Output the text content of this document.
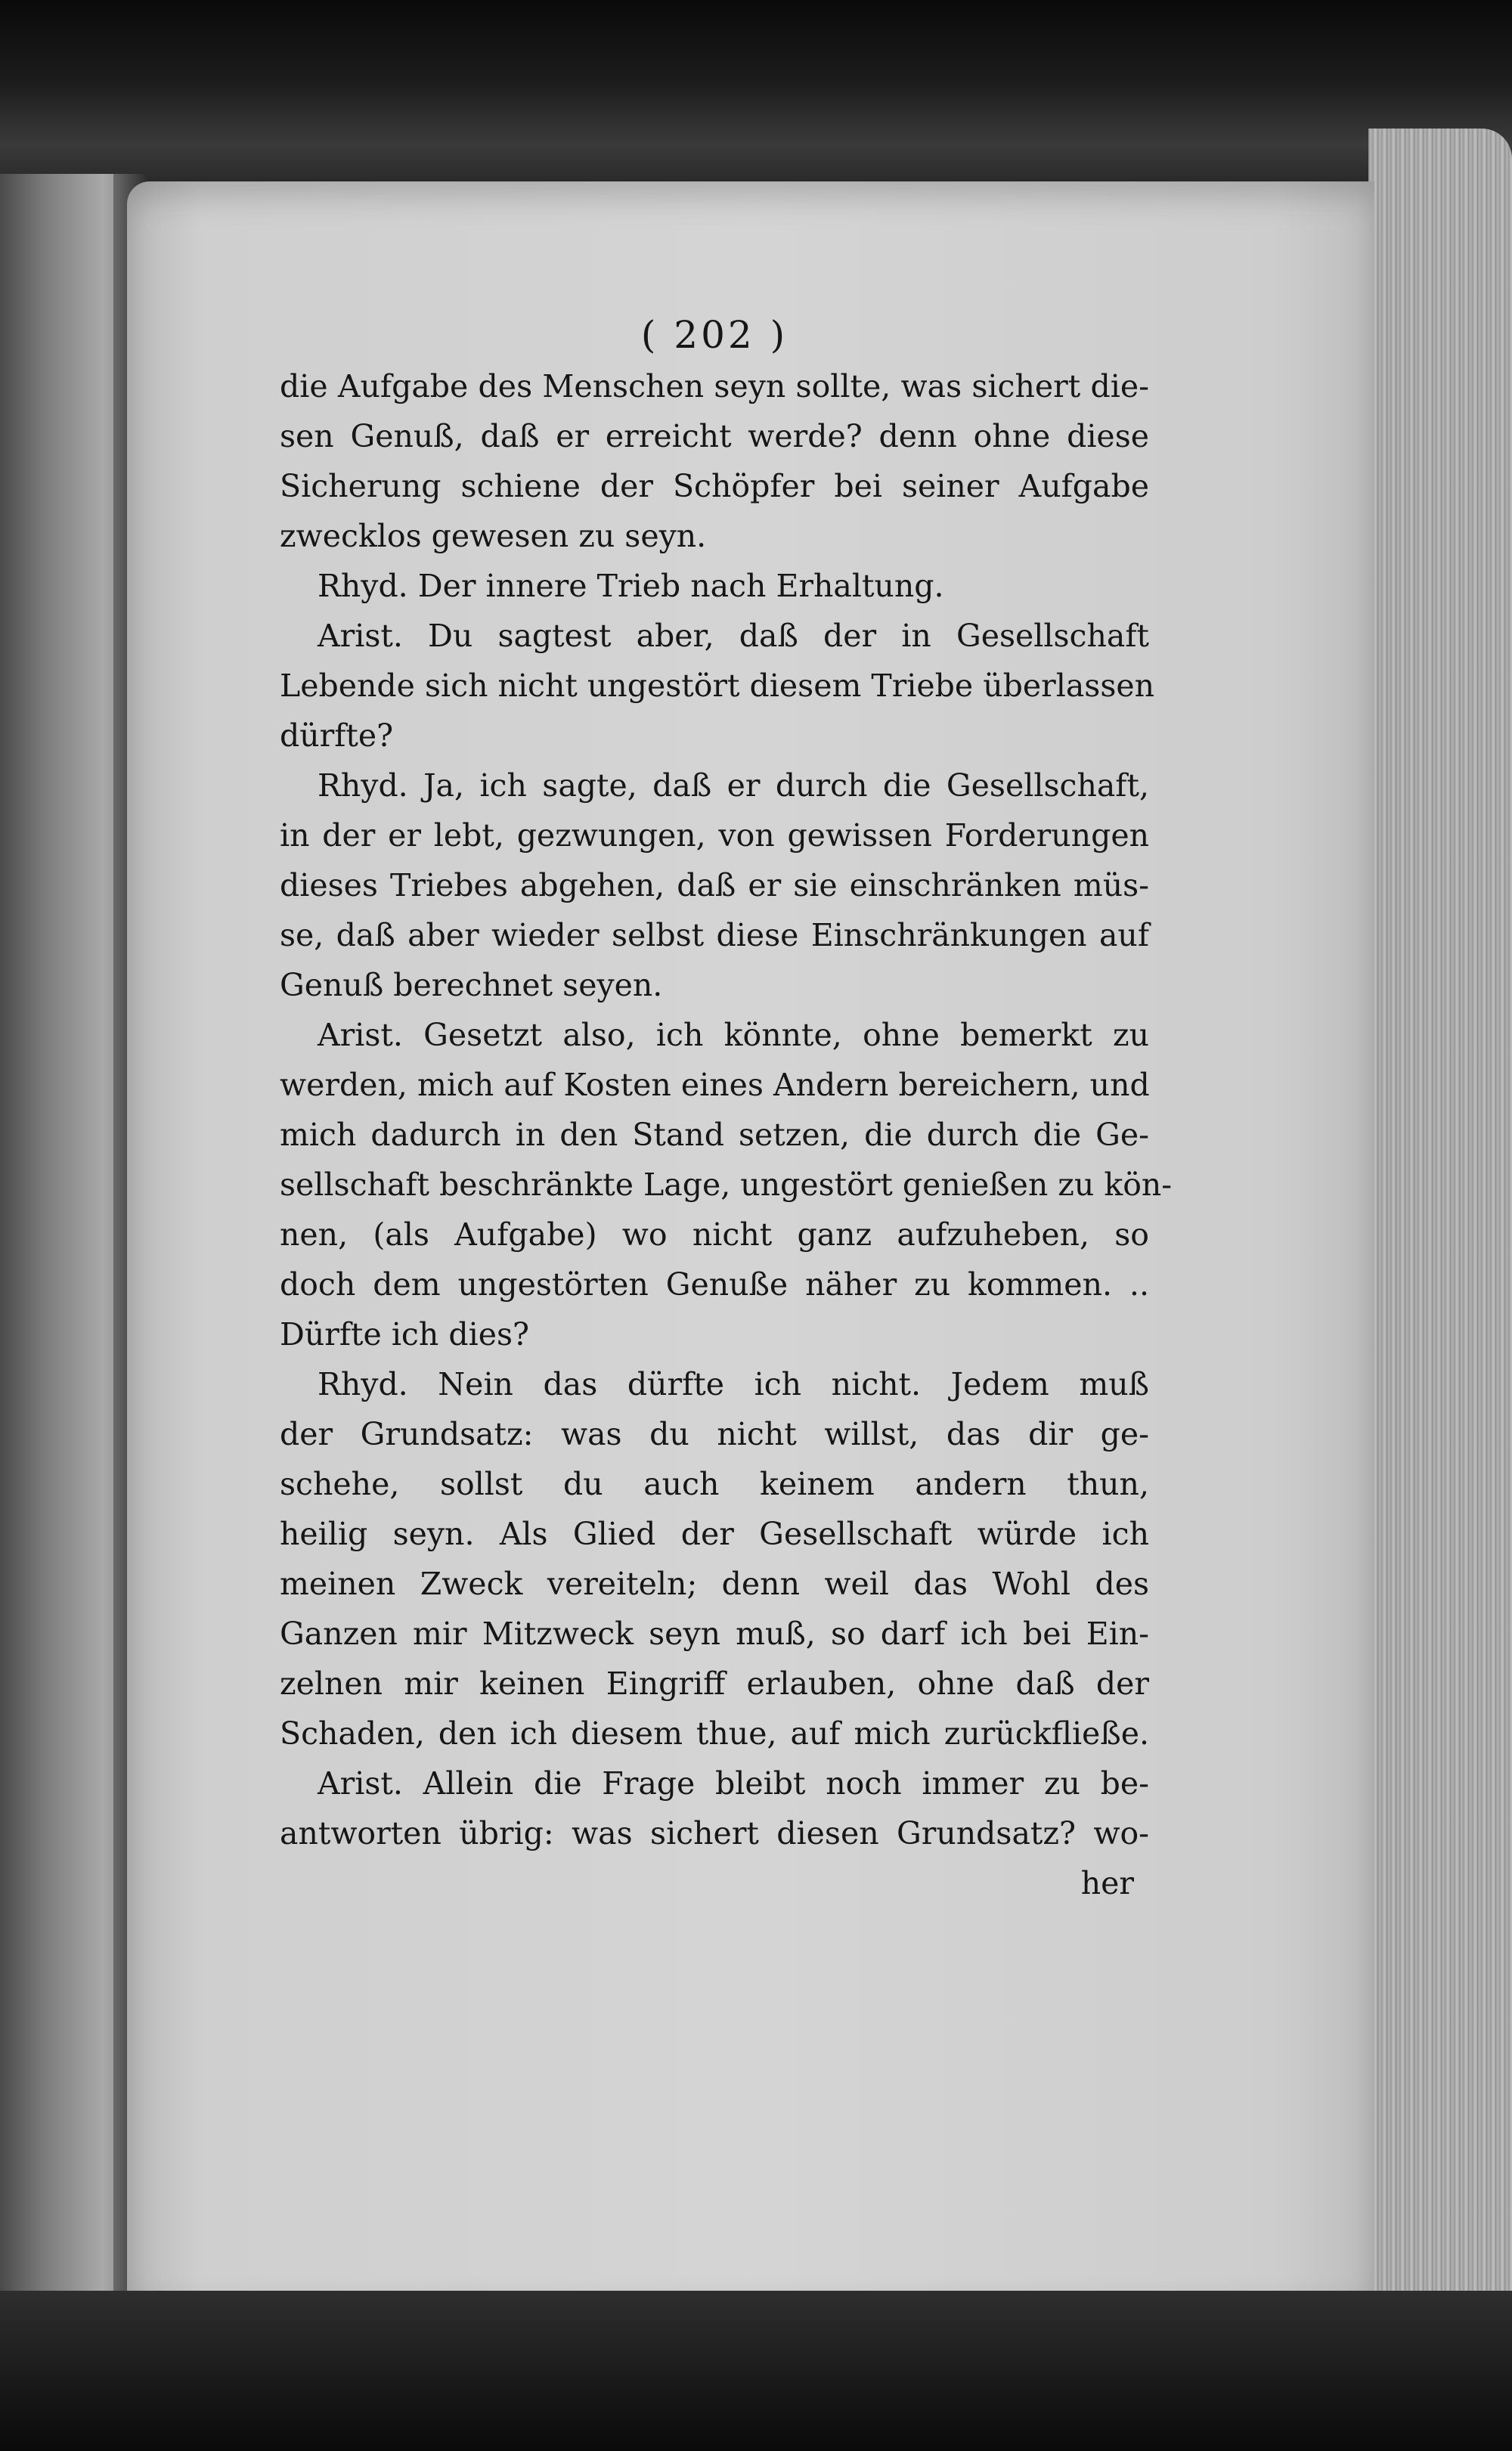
( 202 )
die Aufgabe des Menschen seyn sollte, was sichert die-
sen Genuß, daß er erreicht werde? denn ohne diese
Sicherung schiene der Schöpfer bei seiner Aufgabe
zwecklos gewesen zu seyn.
Rhyd. Der innere Trieb nach Erhaltung.
Arist. Du sagtest aber, daß der in Gesellschaft
Lebende sich nicht ungestört diesem Triebe überlassen
dürfte?
Rhyd. Ja, ich sagte, daß er durch die Gesellschaft,
in der er lebt, gezwungen, von gewissen Forderungen
dieses Triebes abgehen, daß er sie einschränken müs-
se, daß aber wieder selbst diese Einschränkungen auf
Genuß berechnet seyen.
Arist. Gesetzt also, ich könnte, ohne bemerkt zu
werden, mich auf Kosten eines Andern bereichern, und
mich dadurch in den Stand setzen, die durch die Ge-
sellschaft beschränkte Lage, ungestört genießen zu kön-
nen, (als Aufgabe) wo nicht ganz aufzuheben, so
doch dem ungestörten Genuße näher zu kommen. ..
Dürfte ich dies?
Rhyd. Nein das dürfte ich nicht. Jedem muß
der Grundsatz: was du nicht willst, das dir ge-
schehe, sollst du auch keinem andern thun,
heilig seyn. Als Glied der Gesellschaft würde ich
meinen Zweck vereiteln; denn weil das Wohl des
Ganzen mir Mitzweck seyn muß, so darf ich bei Ein-
zelnen mir keinen Eingriff erlauben, ohne daß der
Schaden, den ich diesem thue, auf mich zurückfließe.
Arist. Allein die Frage bleibt noch immer zu be-
antworten übrig: was sichert diesen Grundsatz? wo-
her
